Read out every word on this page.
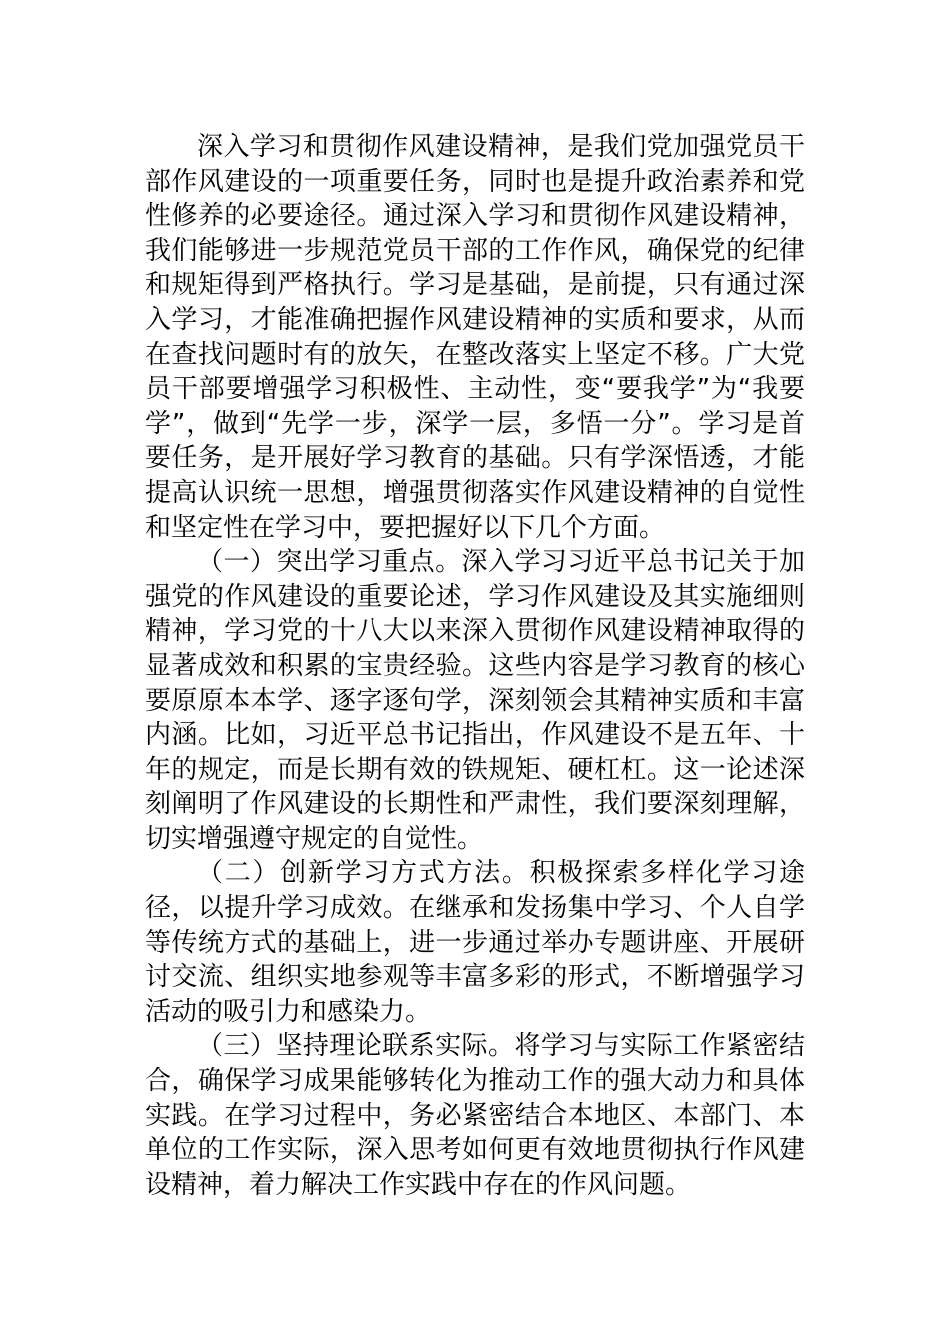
深入学习和贯彻作风建设精神，是我们党加强党员干部作风建设的一项重要任务，同时也是提升政治素养和党性修养的必要途径。通过深入学习和贯彻作风建设精神，我们能够进一步规范党员干部的工作作风，确保党的纪律和规矩得到严格执行。学习是基础，是前提，只有通过深入学习，才能准确把握作风建设精神的实质和要求，从而在查找问题时有的放矢，在整改落实上坚定不移。广大党员干部要增强学习积极性、主动性，变“要我学”为“我要学”，做到“先学一步，深学一层，多悟一分”。学习是首要任务，是开展好学习教育的基础。只有学深悟透，才能提高认识统一思想，增强贯彻落实作风建设精神的自觉性和坚定性在学习中，要把握好以下几个方面。

（一）突出学习重点。深入学习习近平总书记关于加强党的作风建设的重要论述，学习作风建设及其实施细则精神，学习党的十八大以来深入贯彻作风建设精神取得的显著成效和积累的宝贵经验。这些内容是学习教育的核心要原原本本学、逐字逐句学，深刻领会其精神实质和丰富内涵。比如，习近平总书记指出，作风建设不是五年、十年的规定，而是长期有效的铁规矩、硬杠杠。这一论述深刻阐明了作风建设的长期性和严肃性，我们要深刻理解，切实增强遵守规定的自觉性。

（二）创新学习方式方法。积极探索多样化学习途径，以提升学习成效。在继承和发扬集中学习、个人自学等传统方式的基础上，进一步通过举办专题讲座、开展研讨交流、组织实地参观等丰富多彩的形式，不断增强学习活动的吸引力和感染力。

（三）坚持理论联系实际。将学习与实际工作紧密结合，确保学习成果能够转化为推动工作的强大动力和具体实践。在学习过程中，务必紧密结合本地区、本部门、本单位的工作实际，深入思考如何更有效地贯彻执行作风建设精神，着力解决工作实践中存在的作风问题。
